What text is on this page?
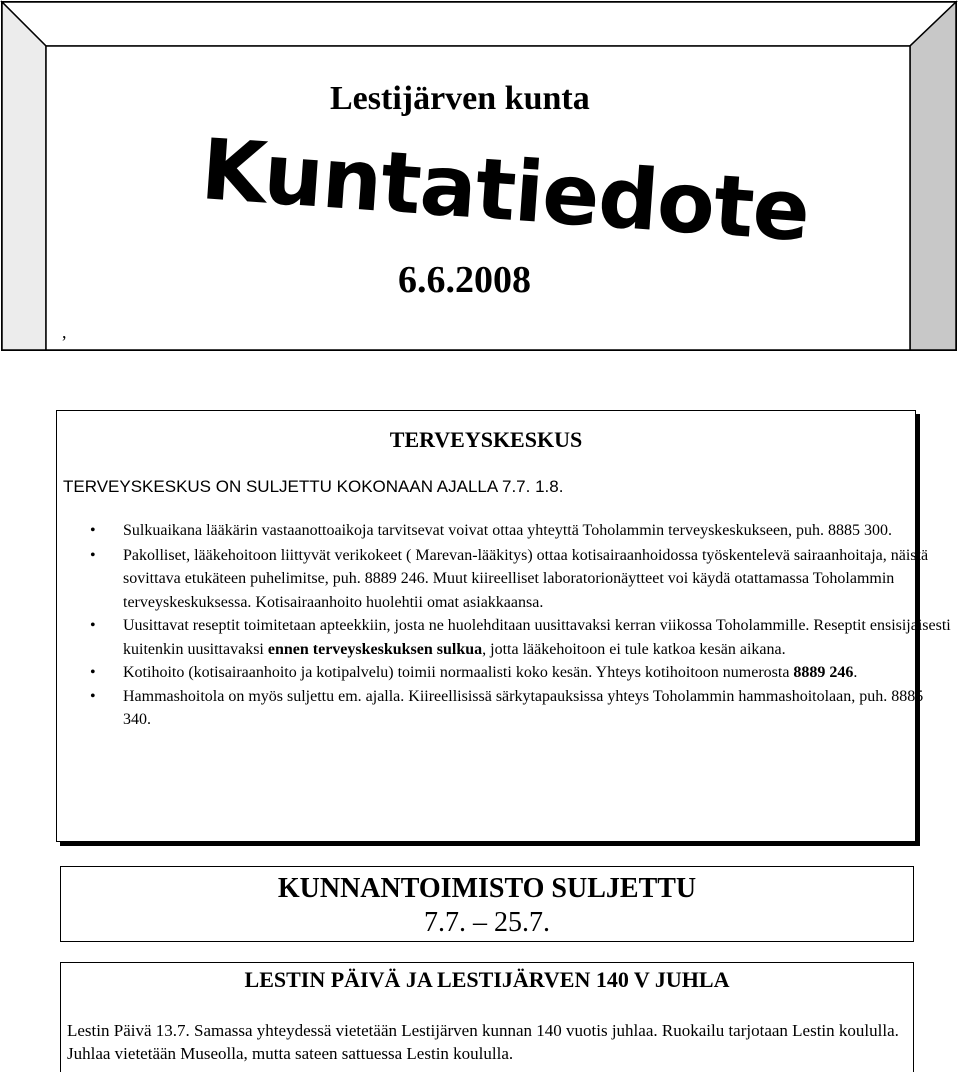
Lestijärven kunta
Kuntatiedote

6.6.2008

,
TERVEYSKESKUS

TERVEYSKESKUS ON SULJETTU KOKONAAN AJALLA 7.7. 1.8.

• Sulkuaikana lääkärin vastaanottoaikoja tarvitsevat voivat ottaa yhteyttä Toholammin terveyskeskukseen, puh. 8885 300.
• Pakolliset, lääkehoitoon liittyvät verikokeet ( Marevan-lääkitys) ottaa kotisairaanhoidossa työskentelevä sairaanhoitaja, näistä sovittava etukäteen puhelimitse, puh. 8889 246. Muut kiireelliset laboratorionäytteet voi käydä otattamassa Toholammin terveyskeskuksessa. Kotisairaanhoito huolehtii omat asiakkaansa.
• Uusittavat reseptit toimitetaan apteekkiin, josta ne huolehditaan uusittavaksi kerran viikossa Toholammille. Reseptit ensisijaisesti kuitenkin uusittavaksi ennen terveyskeskuksen sulkua, jotta lääkehoitoon ei tule katkoa kesän aikana.
• Kotihoito (kotisairaanhoito ja kotipalvelu) toimii normaalisti koko kesän. Yhteys kotihoitoon numerosta 8889 246.
• Hammashoitola on myös suljettu em. ajalla. Kiireellisissä särkytapauksissa yhteys Toholammin hammashoitolaan, puh. 8885 340.
KUNNANTOIMISTO SULJETTU

7.7. – 25.7.

LESTIN PÄIVÄ JA LESTIJÄRVEN 140 V JUHLA

Lestin Päivä 13.7. Samassa yhteydessä vietetään Lestijärven kunnan 140 vuotis juhlaa. Ruokailu tarjotaan Lestin koululla. Juhlaa vietetään Museolla, mutta sateen sattuessa Lestin koululla.
